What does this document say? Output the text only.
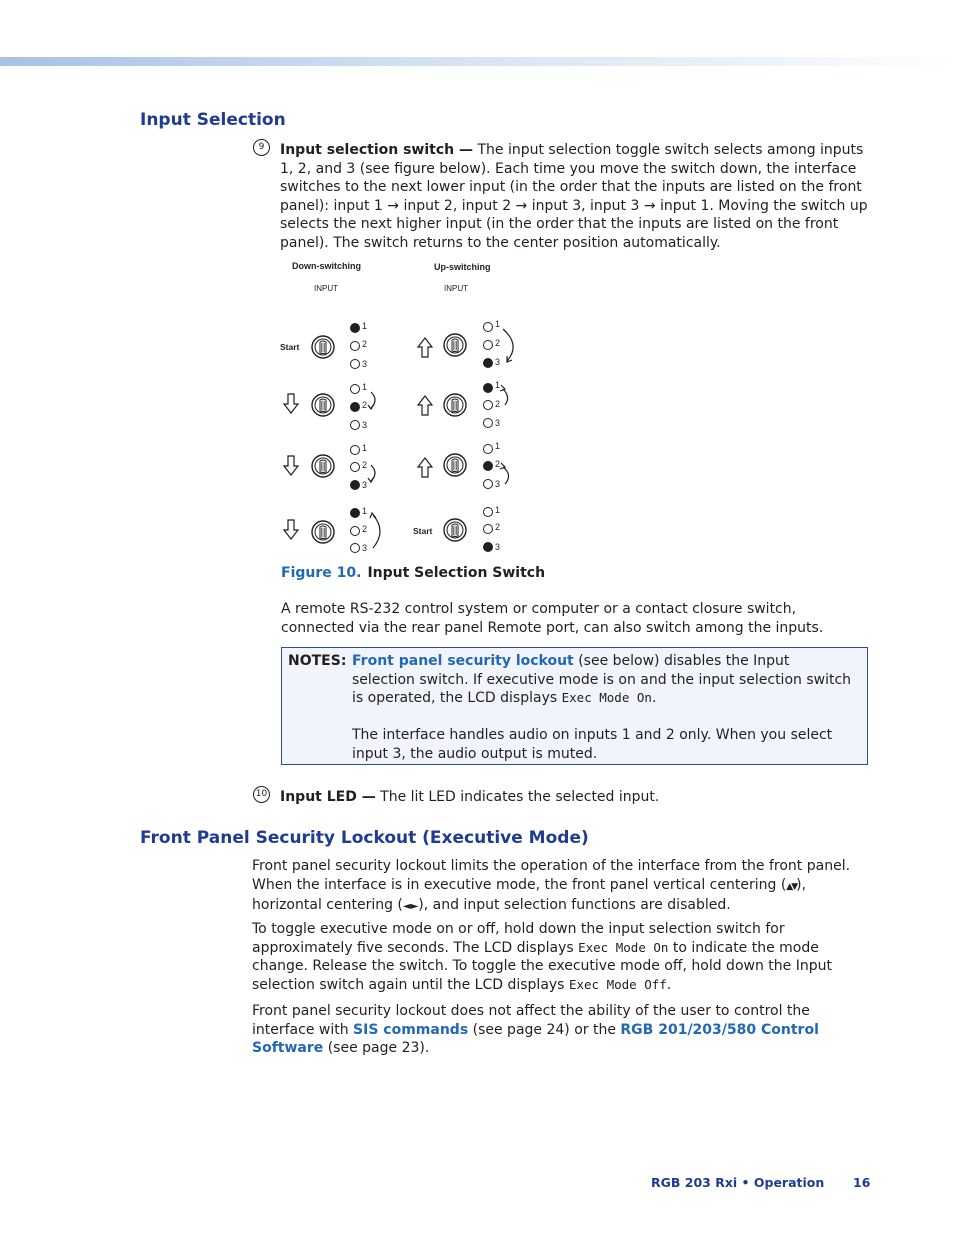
Input Selection
9	Input selection switch — The input selection toggle switch selects among inputs 1, 2, and 3 (see figure below). Each time you move the switch down, the interface switches to the next lower input (in the order that the inputs are listed on the front panel): input 1 → input 2, input 2 → input 3, input 3 → input 1. Moving the switch up selects the next higher input (in the order that the inputs are listed on the front panel). The switch returns to the center position automatically.

Down-switching	Up-switching
INPUT	INPUT
Start
1
2
3
1
2
3
1
2
3
1
2
3
1
2
3
1
2
3
1
2
3
Start
1
2
3

Figure 10. Input Selection Switch

A remote RS-232 control system or computer or a contact closure switch, connected via the rear panel Remote port, can also switch among the inputs.

NOTES: Front panel security lockout (see below) disables the Input selection switch. If executive mode is on and the input selection switch is operated, the LCD displays Exec Mode On.

The interface handles audio on inputs 1 and 2 only. When you select input 3, the audio output is muted.

10 Input LED — The lit LED indicates the selected input.

Front Panel Security Lockout (Executive Mode)

Front panel security lockout limits the operation of the interface from the front panel. When the interface is in executive mode, the front panel vertical centering (▲▼), horizontal centering (◄►), and input selection functions are disabled.

To toggle executive mode on or off, hold down the input selection switch for approximately five seconds. The LCD displays Exec Mode On to indicate the mode change. Release the switch. To toggle the executive mode off, hold down the Input selection switch again until the LCD displays Exec Mode Off.

Front panel security lockout does not affect the ability of the user to control the interface with SIS commands (see page 24) or the RGB 201/203/580 Control Software (see page 23).

RGB 203 Rxi • Operation 16
